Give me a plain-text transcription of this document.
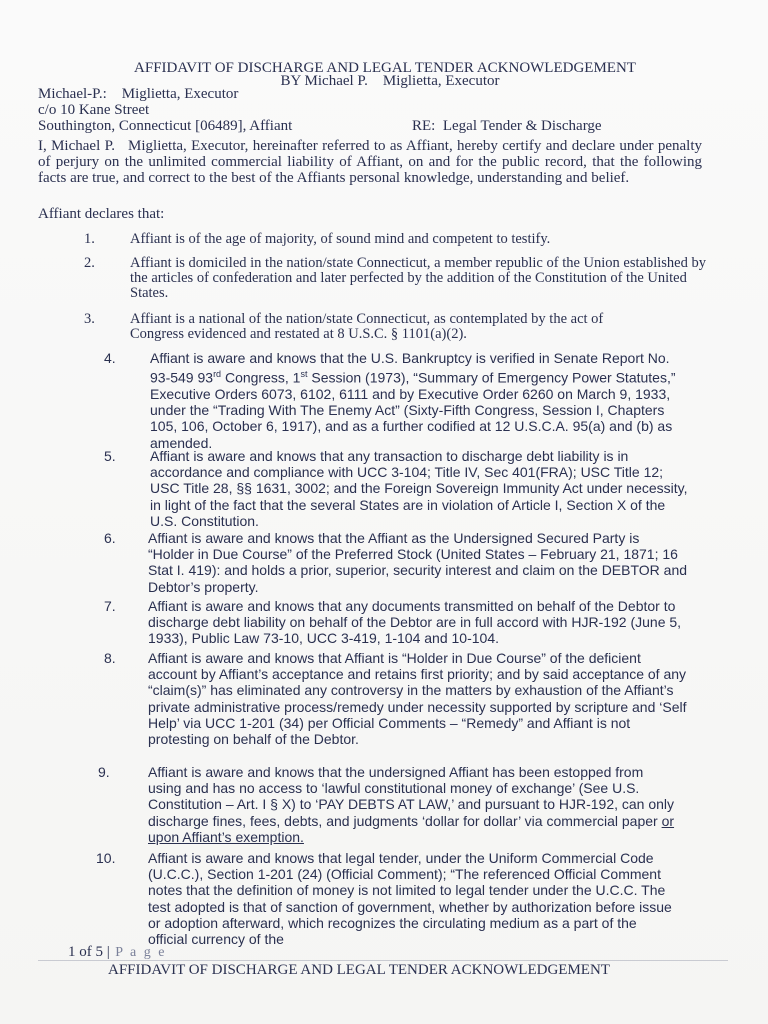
AFFIDAVIT OF DISCHARGE AND LEGAL TENDER ACKNOWLEDGEMENT
BY Michael P.    Miglietta, Executor
Michael-P.:    Miglietta, Executor
c/o 10 Kane Street
Southington, Connecticut [06489], Affiant	RE:  Legal Tender & Discharge
I, Michael P.   Miglietta, Executor, hereinafter referred to as Affiant, hereby certify and declare under penalty of perjury on the unlimited commercial liability of Affiant, on and for the public record, that the following facts are true, and correct to the best of the Affiants personal knowledge, understanding and belief.
Affiant declares that:
1. Affiant is of the age of majority, of sound mind and competent to testify.
2. Affiant is domiciled in the nation/state Connecticut, a member republic of the Union established by the articles of confederation and later perfected by the addition of the Constitution of the United States.
3. Affiant is a national of the nation/state Connecticut, as contemplated by the act of Congress evidenced and restated at 8 U.S.C. § 1101(a)(2).
4. Affiant is aware and knows that the U.S. Bankruptcy is verified in Senate Report No. 93-549 93rd Congress, 1st Session (1973), “Summary of Emergency Power Statutes,” Executive Orders 6073, 6102, 6111 and by Executive Order 6260 on March 9, 1933, under the “Trading With The Enemy Act” (Sixty-Fifth Congress, Session I, Chapters 105, 106, October 6, 1917), and as a further codified at 12 U.S.C.A. 95(a) and (b) as amended.
5. Affiant is aware and knows that any transaction to discharge debt liability is in accordance and compliance with UCC 3-104; Title IV, Sec 401(FRA); USC Title 12; USC Title 28, §§ 1631, 3002; and the Foreign Sovereign Immunity Act under necessity, in light of the fact that the several States are in violation of Article I, Section X of the U.S. Constitution.
6. Affiant is aware and knows that the Affiant as the Undersigned Secured Party is “Holder in Due Course” of the Preferred Stock (United States – February 21, 1871; 16 Stat I. 419): and holds a prior, superior, security interest and claim on the DEBTOR and Debtor’s property.
7. Affiant is aware and knows that any documents transmitted on behalf of the Debtor to discharge debt liability on behalf of the Debtor are in full accord with HJR-192 (June 5, 1933), Public Law 73-10, UCC 3-419, 1-104 and 10-104.
8. Affiant is aware and knows that Affiant is “Holder in Due Course” of the deficient account by Affiant’s acceptance and retains first priority; and by said acceptance of any “claim(s)” has eliminated any controversy in the matters by exhaustion of the Affiant’s private administrative process/remedy under necessity supported by scripture and ‘Self Help’ via UCC 1-201 (34) per Official Comments – “Remedy” and Affiant is not protesting on behalf of the Debtor.
9.	Affiant is aware and knows that the undersigned Affiant has been estopped from using and has no access to ‘lawful constitutional money of exchange’ (See U.S. Constitution – Art. I § X) to ‘PAY DEBTS AT LAW,’ and pursuant to HJR-192, can only discharge fines, fees, debts, and judgments ‘dollar for dollar’ via commercial paper or upon Affiant’s exemption.
10. Affiant is aware and knows that legal tender, under the Uniform Commercial Code (U.C.C.), Section 1-201 (24) (Official Comment); “The referenced Official Comment notes that the definition of money is not limited to legal tender under the U.C.C. The test adopted is that of sanction of government, whether by authorization before issue or adoption afterward, which recognizes the circulating medium as a part of the official currency of the
1 of 5 | P a g e
AFFIDAVIT OF DISCHARGE AND LEGAL TENDER ACKNOWLEDGEMENT
